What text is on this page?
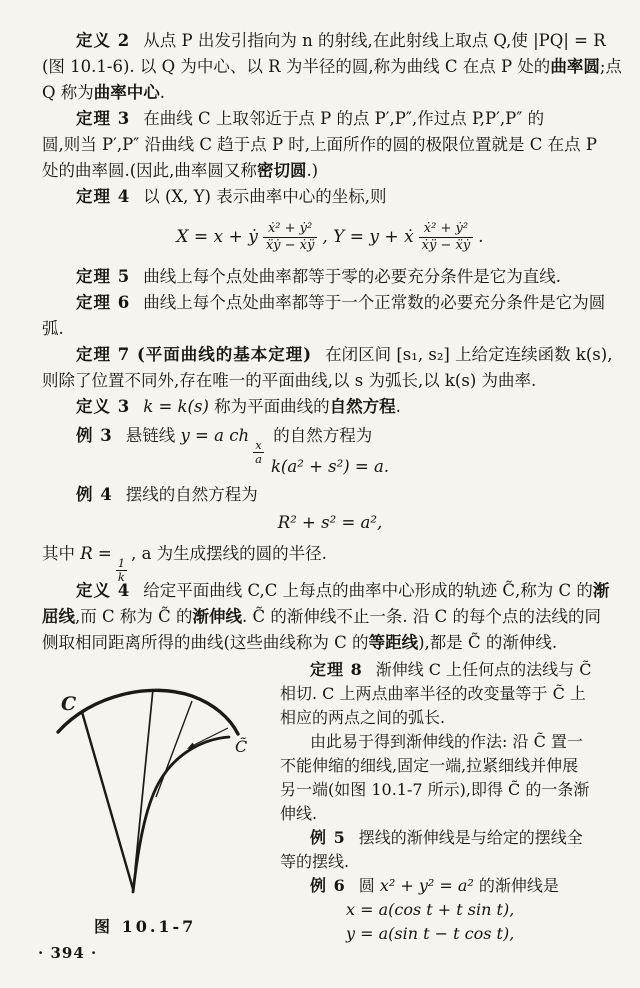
定义 2 从点 P 出发引指向为 n 的射线,在此射线上取点 Q,使 |PQ| = R
(图 10.1-6). 以 Q 为中心、以 R 为半径的圆,称为曲线 C 在点 P 处的曲率圆;点
Q 称为曲率中心.
定理 3 在曲线 C 上取邻近于点 P 的点 P′,P″,作过点 P,P′,P″ 的
圆,则当 P′,P″ 沿曲线 C 趋于点 P 时,上面所作的圆的极限位置就是 C 在点 P
处的曲率圆.(因此,曲率圆又称密切圆.)
定理 4 以 (X, Y) 表示曲率中心的坐标,则
X = x + ẏ $\frac{\text{ẋ² + ẏ²}}{\text{ẍẏ − ẋÿ}}$ , Y = y + ẋ $\frac{\text{ẋ² + ẏ²}}{\text{ẋÿ − ẍẏ}}$ .
定理 5 曲线上每个点处曲率都等于零的必要充分条件是它为直线.
定理 6 曲线上每个点处曲率都等于一个正常数的必要充分条件是它为圆
弧.
定理 7 (平面曲线的基本定理) 在闭区间 [s₁, s₂] 上给定连续函数 k(s),
则除了位置不同外,存在唯一的平面曲线,以 s 为弧长,以 k(s) 为曲率.
定义 3 k = k(s) 称为平面曲线的自然方程.
例 3 悬链线 y = a ch
$\frac{x}{a}$
的自然方程为
k(a² + s²) = a.
例 4 摆线的自然方程为
R² + s² = a²,
其中 R =
$\frac{1}{k}$
, a 为生成摆线的圆的半径.
定义 4 给定平面曲线 C,C 上每点的曲率中心形成的轨迹 C̃,称为 C 的渐
屈线,而 C 称为 C̃ 的渐伸线. C̃ 的渐伸线不止一条. 沿 C 的每个点的法线的同
侧取相同距离所得的曲线(这些曲线称为 C 的等距线),都是 C̃ 的渐伸线.
C
C̃
图 10.1-7
定理 8 渐伸线 C 上任何点的法线与 C̃
相切. C 上两点曲率半径的改变量等于 C̃ 上
相应的两点之间的弧长.
由此易于得到渐伸线的作法: 沿 C̃ 置一
不能伸缩的细线,固定一端,拉紧细线并伸展
另一端(如图 10.1-7 所示),即得 C̃ 的一条渐
伸线.
例 5 摆线的渐伸线是与给定的摆线全
等的摆线.
例 6 圆 x² + y² = a² 的渐伸线是
x = a(cos t + t sin t),
y = a(sin t − t cos t),
· 394 ·
